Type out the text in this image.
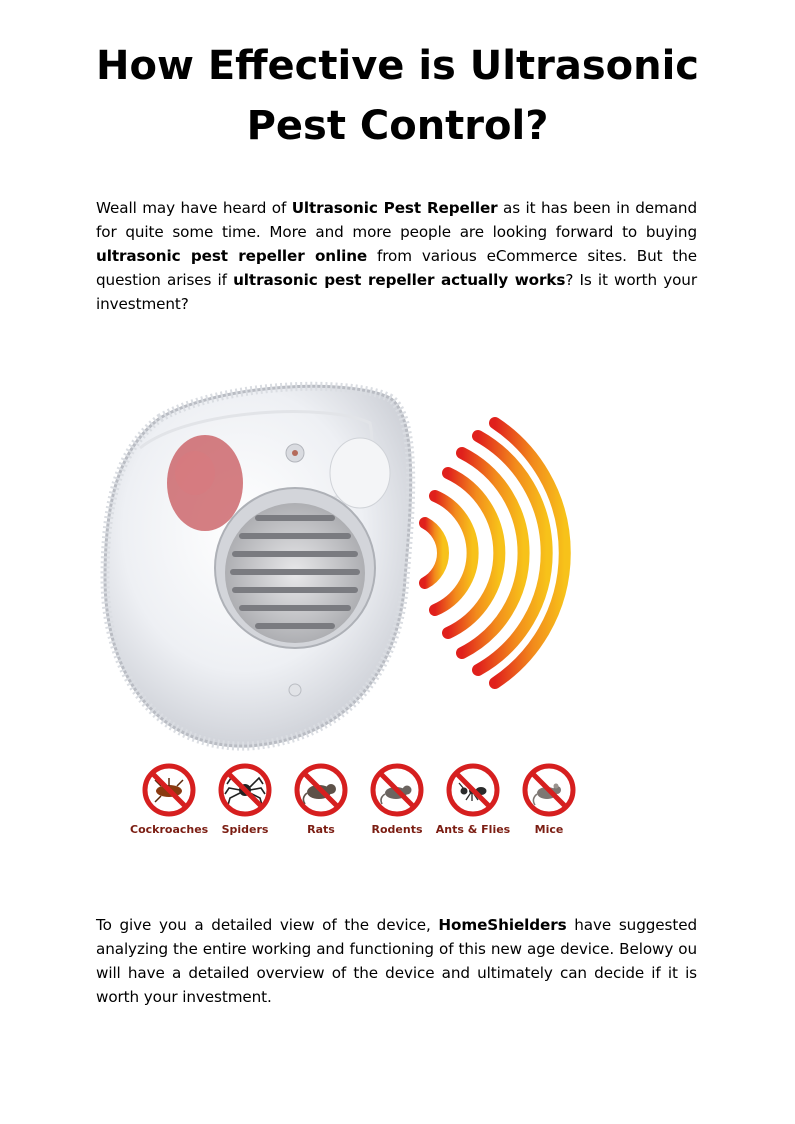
How Effective is Ultrasonic Pest Control?

Weall may have heard of Ultrasonic Pest Repeller as it has been in demand for quite some time. More and more people are looking forward to buying ultrasonic pest repeller online from various eCommerce sites. But the question arises if ultrasonic pest repeller actually works? Is it worth your investment?

Cockroaches	Spiders	Rats	Rodents	Ants & Flies	Mice

To give you a detailed view of the device, HomeShielders have suggested analyzing the entire working and functioning of this new age device. Belowy ou will have a detailed overview of the device and ultimately can decide if it is worth your investment.
